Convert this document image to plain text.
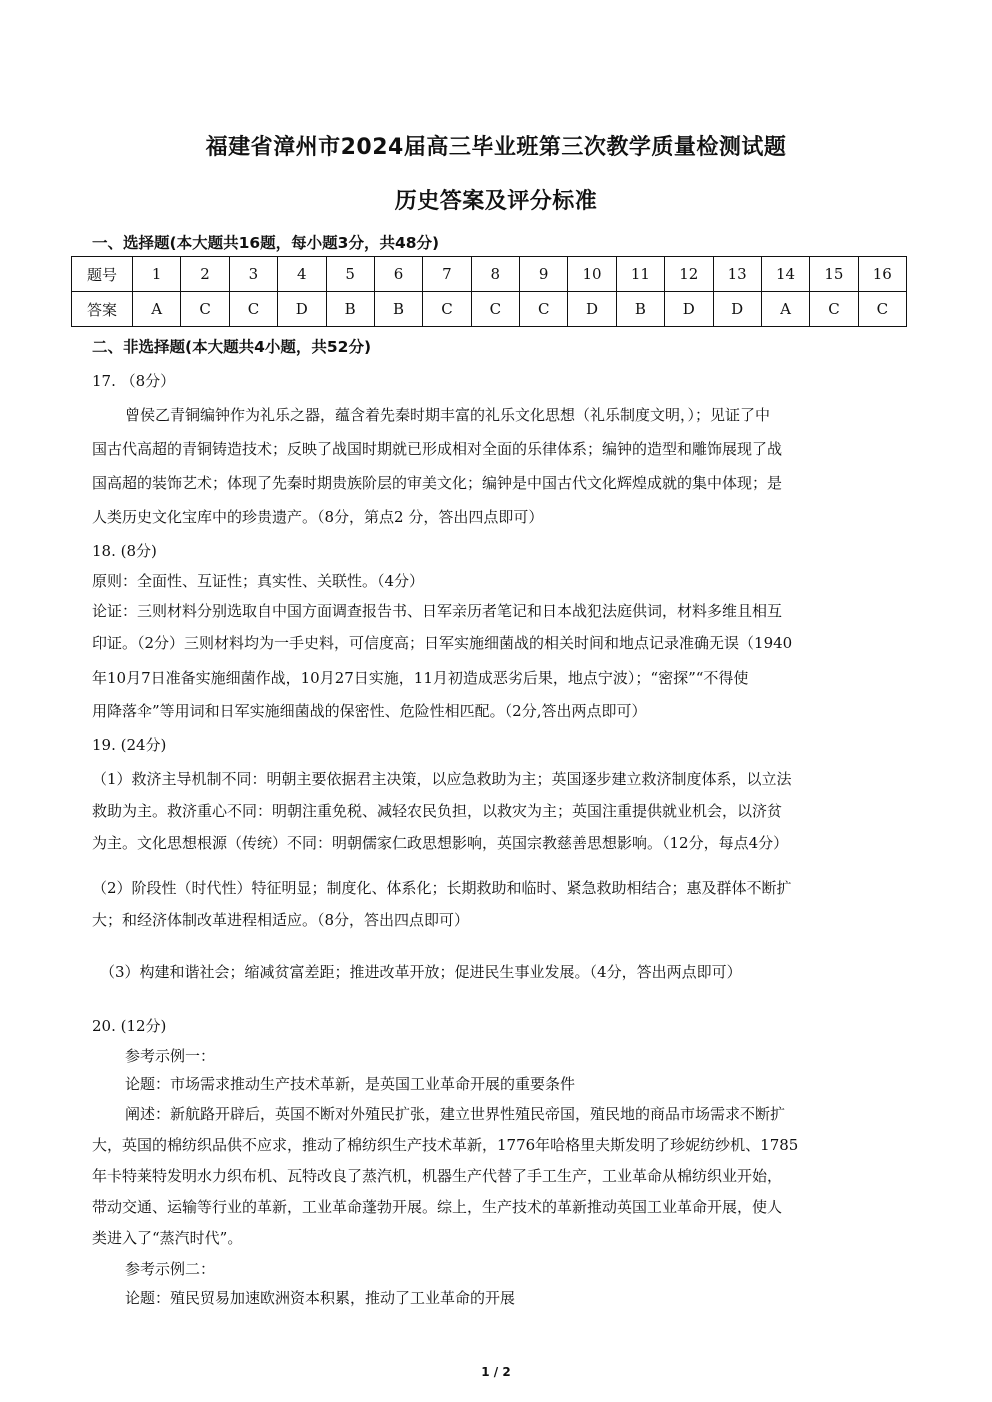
福建省漳州市2024届高三毕业班第三次教学质量检测试题
历史答案及评分标准
一、选择题(本大题共16题，每小题3分，共48分)
题号	1	2	3	4	5	6	7	8	9	10	11	12	13	14	15	16
答案	A	C	C	D	B	B	C	C	C	D	B	D	D	A	C	C
二、非选择题(本大题共4小题，共52分)
17. （8分）
曾侯乙青铜编钟作为礼乐之器，蕴含着先秦时期丰富的礼乐文化思想（礼乐制度文明，）；见证了中
国古代高超的青铜铸造技术；反映了战国时期就已形成相对全面的乐律体系；编钟的造型和雕饰展现了战
国高超的装饰艺术；体现了先秦时期贵族阶层的审美文化；编钟是中国古代文化辉煌成就的集中体现；是
人类历史文化宝库中的珍贵遗产。（8分，第点2 分，答出四点即可）
18. (8分)
原则：全面性、互证性；真实性、关联性。（4分）
论证：三则材料分别选取自中国方面调查报告书、日军亲历者笔记和日本战犯法庭供词，材料多维且相互
印证。（2分）三则材料均为一手史料，可信度高；日军实施细菌战的相关时间和地点记录准确无误（1940
年10月7日准备实施细菌作战，10月27日实施，11月初造成恶劣后果，地点宁波）；“密探”“不得使
用降落伞”等用词和日军实施细菌战的保密性、危险性相匹配。（2分,答出两点即可）
19. (24分)
（1）救济主导机制不同：明朝主要依据君主决策，以应急救助为主；英国逐步建立救济制度体系，以立法
救助为主。救济重心不同：明朝注重免税、减轻农民负担，以救灾为主；英国注重提供就业机会，以济贫
为主。文化思想根源（传统）不同：明朝儒家仁政思想影响，英国宗教慈善思想影响。（12分，每点4分）
（2）阶段性（时代性）特征明显；制度化、体系化；长期救助和临时、紧急救助相结合；惠及群体不断扩
大；和经济体制改革进程相适应。（8分，答出四点即可）
（3）构建和谐社会；缩减贫富差距；推进改革开放；促进民生事业发展。（4分，答出两点即可）
20. (12分)
参考示例一：
论题：市场需求推动生产技术革新，是英国工业革命开展的重要条件
阐述：新航路开辟后，英国不断对外殖民扩张，建立世界性殖民帝国，殖民地的商品市场需求不断扩
大，英国的棉纺织品供不应求，推动了棉纺织生产技术革新，1776年哈格里夫斯发明了珍妮纺纱机、1785
年卡特莱特发明水力织布机、瓦特改良了蒸汽机，机器生产代替了手工生产，工业革命从棉纺织业开始，
带动交通、运输等行业的革新，工业革命蓬勃开展。综上，生产技术的革新推动英国工业革命开展，使人
类进入了“蒸汽时代”。
参考示例二：
论题：殖民贸易加速欧洲资本积累，推动了工业革命的开展
1 / 2
